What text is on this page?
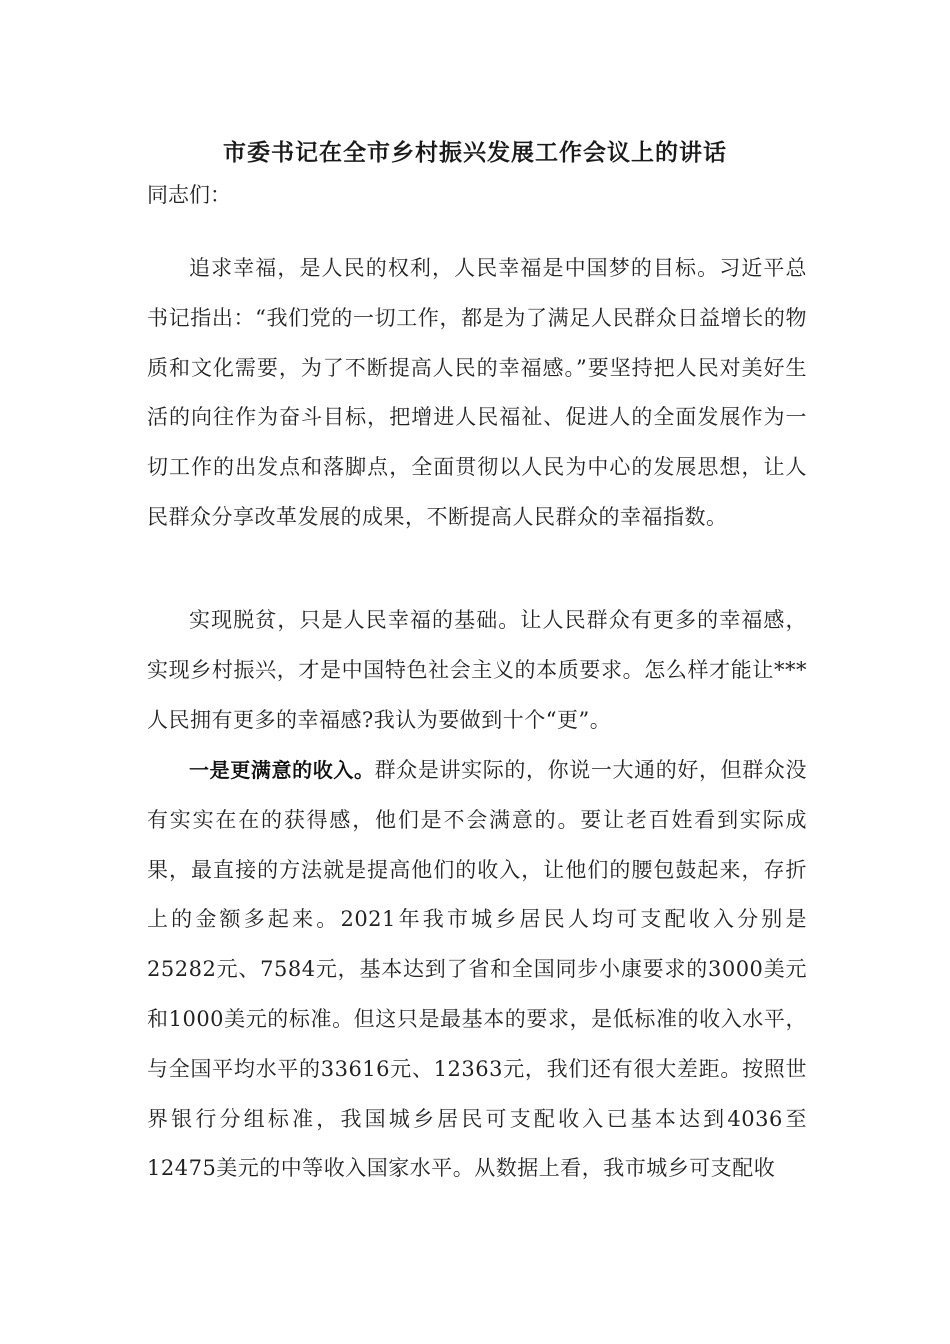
市委书记在全市乡村振兴发展工作会议上的讲话
同志们：

追求幸福，是人民的权利，人民幸福是中国梦的目标。习近平总书记指出：“我们党的一切工作，都是为了满足人民群众日益增长的物质和文化需要，为了不断提高人民的幸福感。”要坚持把人民对美好生活的向往作为奋斗目标，把增进人民福祉、促进人的全面发展作为一切工作的出发点和落脚点，全面贯彻以人民为中心的发展思想，让人民群众分享改革发展的成果，不断提高人民群众的幸福指数。

实现脱贫，只是人民幸福的基础。让人民群众有更多的幸福感，实现乡村振兴，才是中国特色社会主义的本质要求。怎么样才能让***人民拥有更多的幸福感?我认为要做到十个“更”。

一是更满意的收入。群众是讲实际的，你说一大通的好，但群众没有实实在在的获得感，他们是不会满意的。要让老百姓看到实际成果，最直接的方法就是提高他们的收入，让他们的腰包鼓起来，存折上的金额多起来。2021年我市城乡居民人均可支配收入分别是25282元、7584元，基本达到了省和全国同步小康要求的3000美元和1000美元的标准。但这只是最基本的要求，是低标准的收入水平，与全国平均水平的33616元、12363元，我们还有很大差距。按照世界银行分组标准，我国城乡居民可支配收入已基本达到4036至12475美元的中等收入国家水平。从数据上看，我市城乡可支配收
